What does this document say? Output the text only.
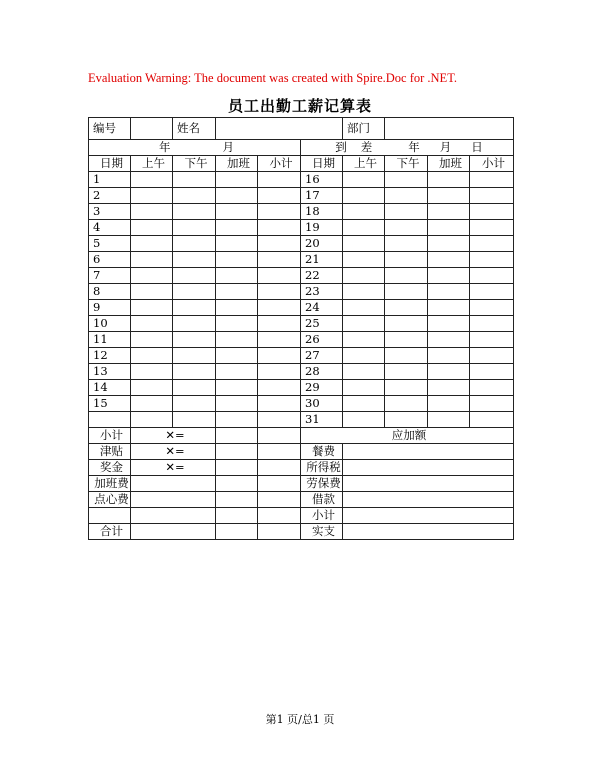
Evaluation Warning: The document was created with Spire.Doc for .NET.
员工出勤工薪记算表
编号		姓名				部门			
年 月					到 差 年 月 日				
日期	上午	下午	加班	小计	日期	上午	下午	加班	小计
1					16				
2					17				
3					18				
4					19				
5					20				
6					21				
7					22				
8					23				
9					24				
10					25				
11					26				
12					27				
13					28				
14					29				
15					30				
					31				
小计	✕=				应加额				
津贴	✕=				餐费				
奖金	✕=				所得税				
加班费					劳保费				
点心费					借款				
					小计				
合计					实支				
第1 页/总1 页
